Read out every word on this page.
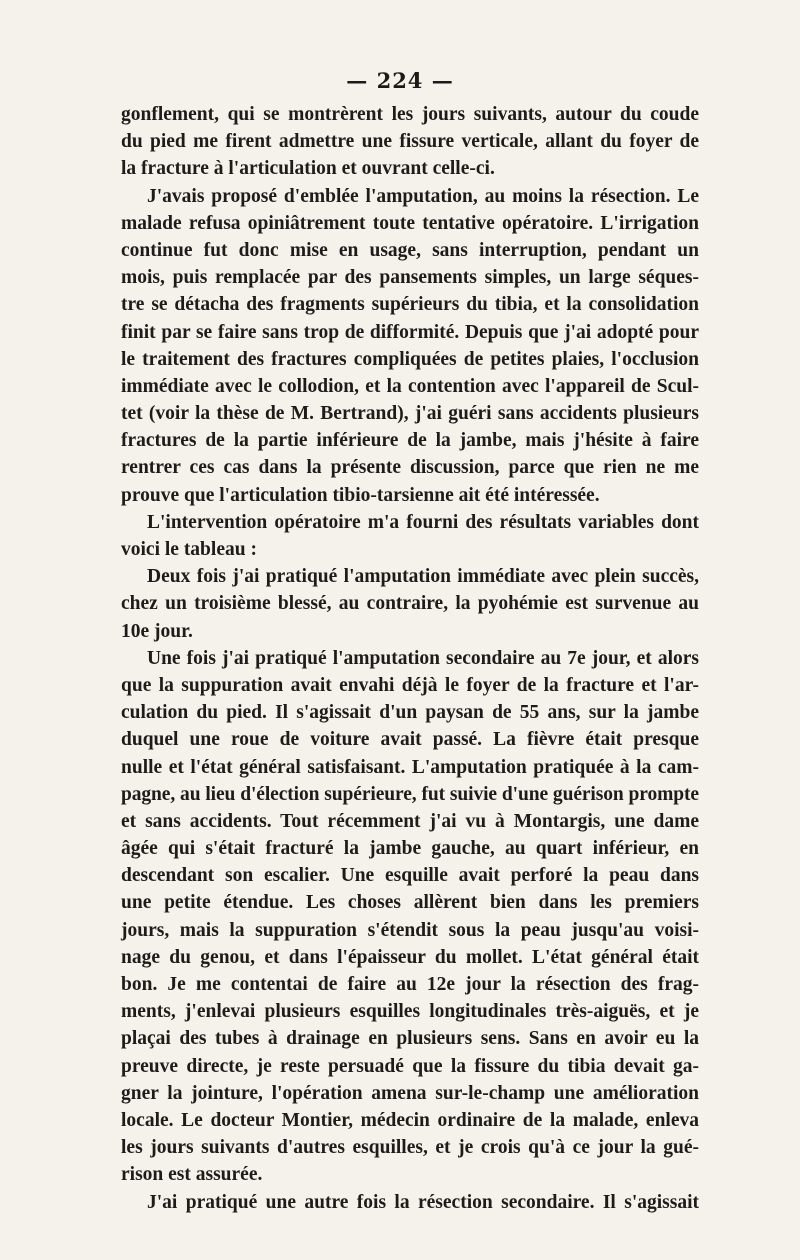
— 224 —
gonflement, qui se montrèrent les jours suivants, autour du coude
du pied me firent admettre une fissure verticale, allant du foyer de
la fracture à l'articulation et ouvrant celle-ci.
J'avais proposé d'emblée l'amputation, au moins la résection. Le
malade refusa opiniâtrement toute tentative opératoire. L'irrigation
continue fut donc mise en usage, sans interruption, pendant un
mois, puis remplacée par des pansements simples, un large séques-
tre se détacha des fragments supérieurs du tibia, et la consolidation
finit par se faire sans trop de difformité. Depuis que j'ai adopté pour
le traitement des fractures compliquées de petites plaies, l'occlusion
immédiate avec le collodion, et la contention avec l'appareil de Scul-
tet (voir la thèse de M. Bertrand), j'ai guéri sans accidents plusieurs
fractures de la partie inférieure de la jambe, mais j'hésite à faire
rentrer ces cas dans la présente discussion, parce que rien ne me
prouve que l'articulation tibio-tarsienne ait été intéressée.
L'intervention opératoire m'a fourni des résultats variables dont
voici le tableau :
Deux fois j'ai pratiqué l'amputation immédiate avec plein succès,
chez un troisième blessé, au contraire, la pyohémie est survenue au
10e jour.
Une fois j'ai pratiqué l'amputation secondaire au 7e jour, et alors
que la suppuration avait envahi déjà le foyer de la fracture et l'ar-
culation du pied. Il s'agissait d'un paysan de 55 ans, sur la jambe
duquel une roue de voiture avait passé. La fièvre était presque
nulle et l'état général satisfaisant. L'amputation pratiquée à la cam-
pagne, au lieu d'élection supérieure, fut suivie d'une guérison prompte
et sans accidents. Tout récemment j'ai vu à Montargis, une dame
âgée qui s'était fracturé la jambe gauche, au quart inférieur, en
descendant son escalier. Une esquille avait perforé la peau dans
une petite étendue. Les choses allèrent bien dans les premiers
jours, mais la suppuration s'étendit sous la peau jusqu'au voisi-
nage du genou, et dans l'épaisseur du mollet. L'état général était
bon. Je me contentai de faire au 12e jour la résection des frag-
ments, j'enlevai plusieurs esquilles longitudinales très-aiguës, et je
plaçai des tubes à drainage en plusieurs sens. Sans en avoir eu la
preuve directe, je reste persuadé que la fissure du tibia devait ga-
gner la jointure, l'opération amena sur-le-champ une amélioration
locale. Le docteur Montier, médecin ordinaire de la malade, enleva
les jours suivants d'autres esquilles, et je crois qu'à ce jour la gué-
rison est assurée.
J'ai pratiqué une autre fois la résection secondaire. Il s'agissait
